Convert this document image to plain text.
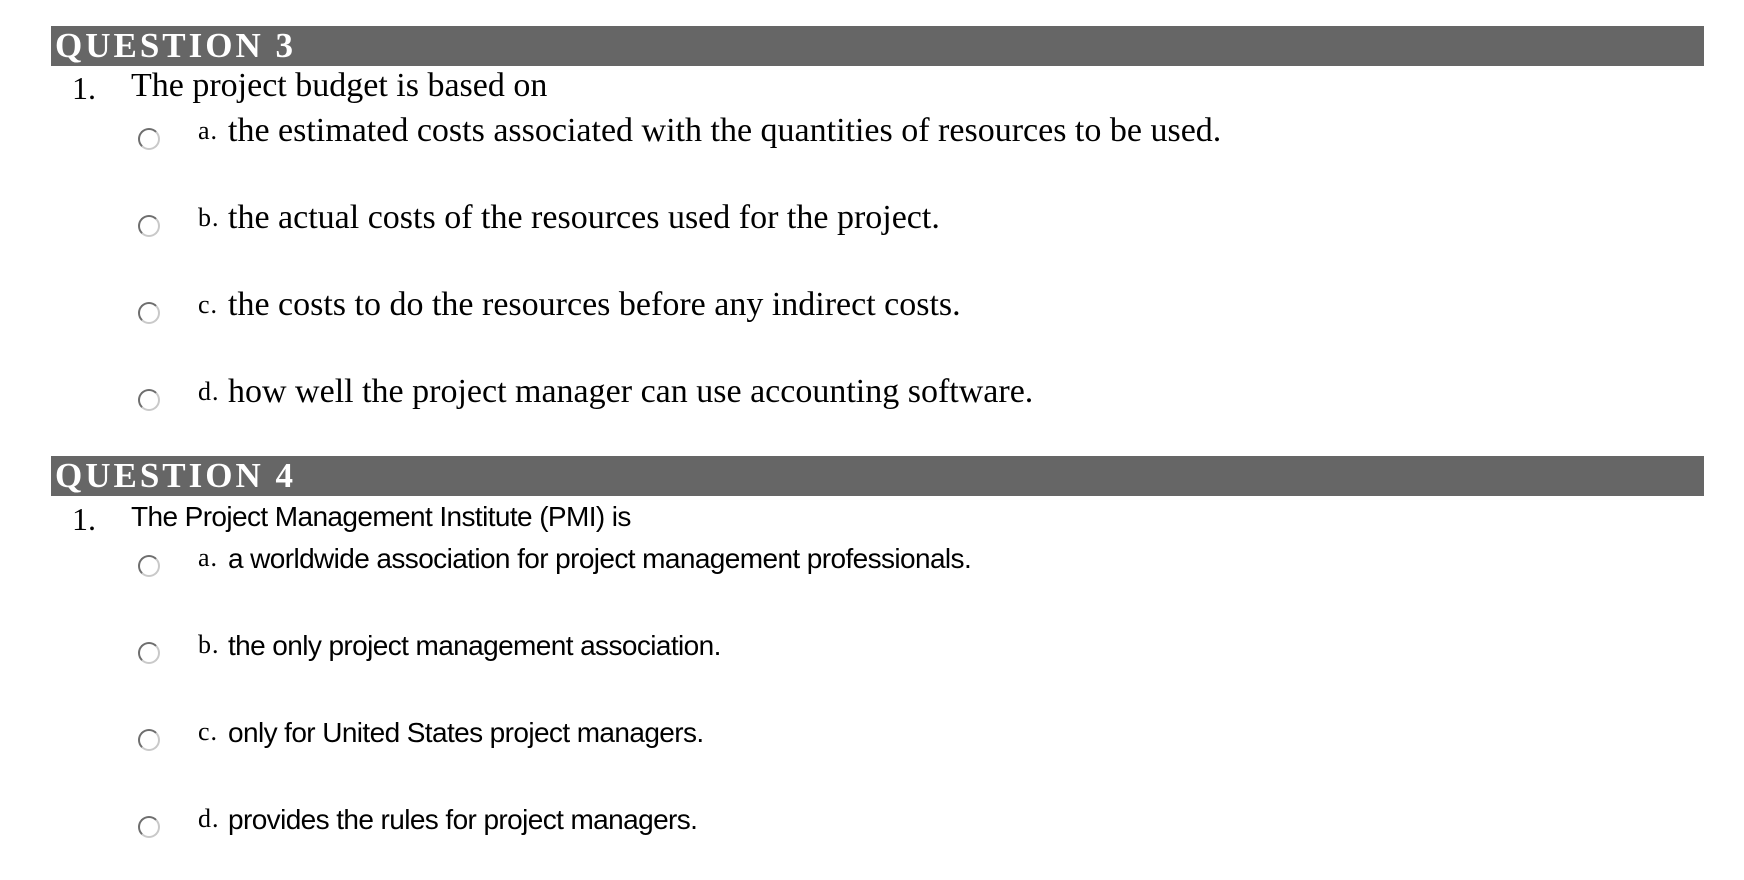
QUESTION 3
1. The project budget is based on
a. the estimated costs associated with the quantities of resources to be used.
b. the actual costs of the resources used for the project.
c. the costs to do the resources before any indirect costs.
d. how well the project manager can use accounting software.
QUESTION 4
1. The Project Management Institute (PMI) is
a. a worldwide association for project management professionals.
b. the only project management association.
c. only for United States project managers.
d. provides the rules for project managers.
